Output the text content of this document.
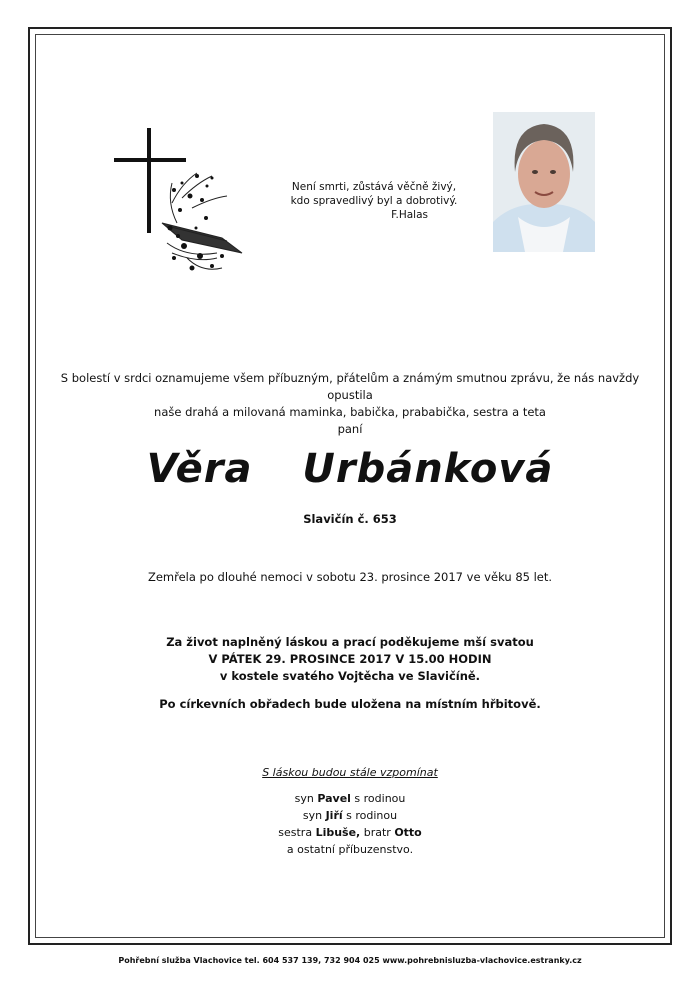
Není smrti, zůstává věčně živý,
kdo spravedlivý byl a dobrotivý.
F.Halas
S bolestí v srdci oznamujeme všem příbuzným, přátelům a známým smutnou zprávu, že nás navždy opustila
naše drahá a milovaná maminka, babička, prababička, sestra a teta
paní
Věra  Urbánková
Slavičín č. 653
Zemřela po dlouhé nemoci v sobotu 23. prosince 2017 ve věku 85 let.
Za život naplněný láskou a prací poděkujeme mší svatou
V PÁTEK 29. PROSINCE 2017 V 15.00 HODIN
v kostele svatého Vojtěcha ve Slavičíně.
Po církevních obřadech bude uložena na místním hřbitově.
S láskou budou stále vzpomínat
syn Pavel s rodinou
syn Jiří s rodinou
sestra Libuše, bratr Otto
a ostatní příbuzenstvo.
Pohřební služba Vlachovice tel. 604 537 139, 732 904 025 www.pohrebnisluzba-vlachovice.estranky.cz
